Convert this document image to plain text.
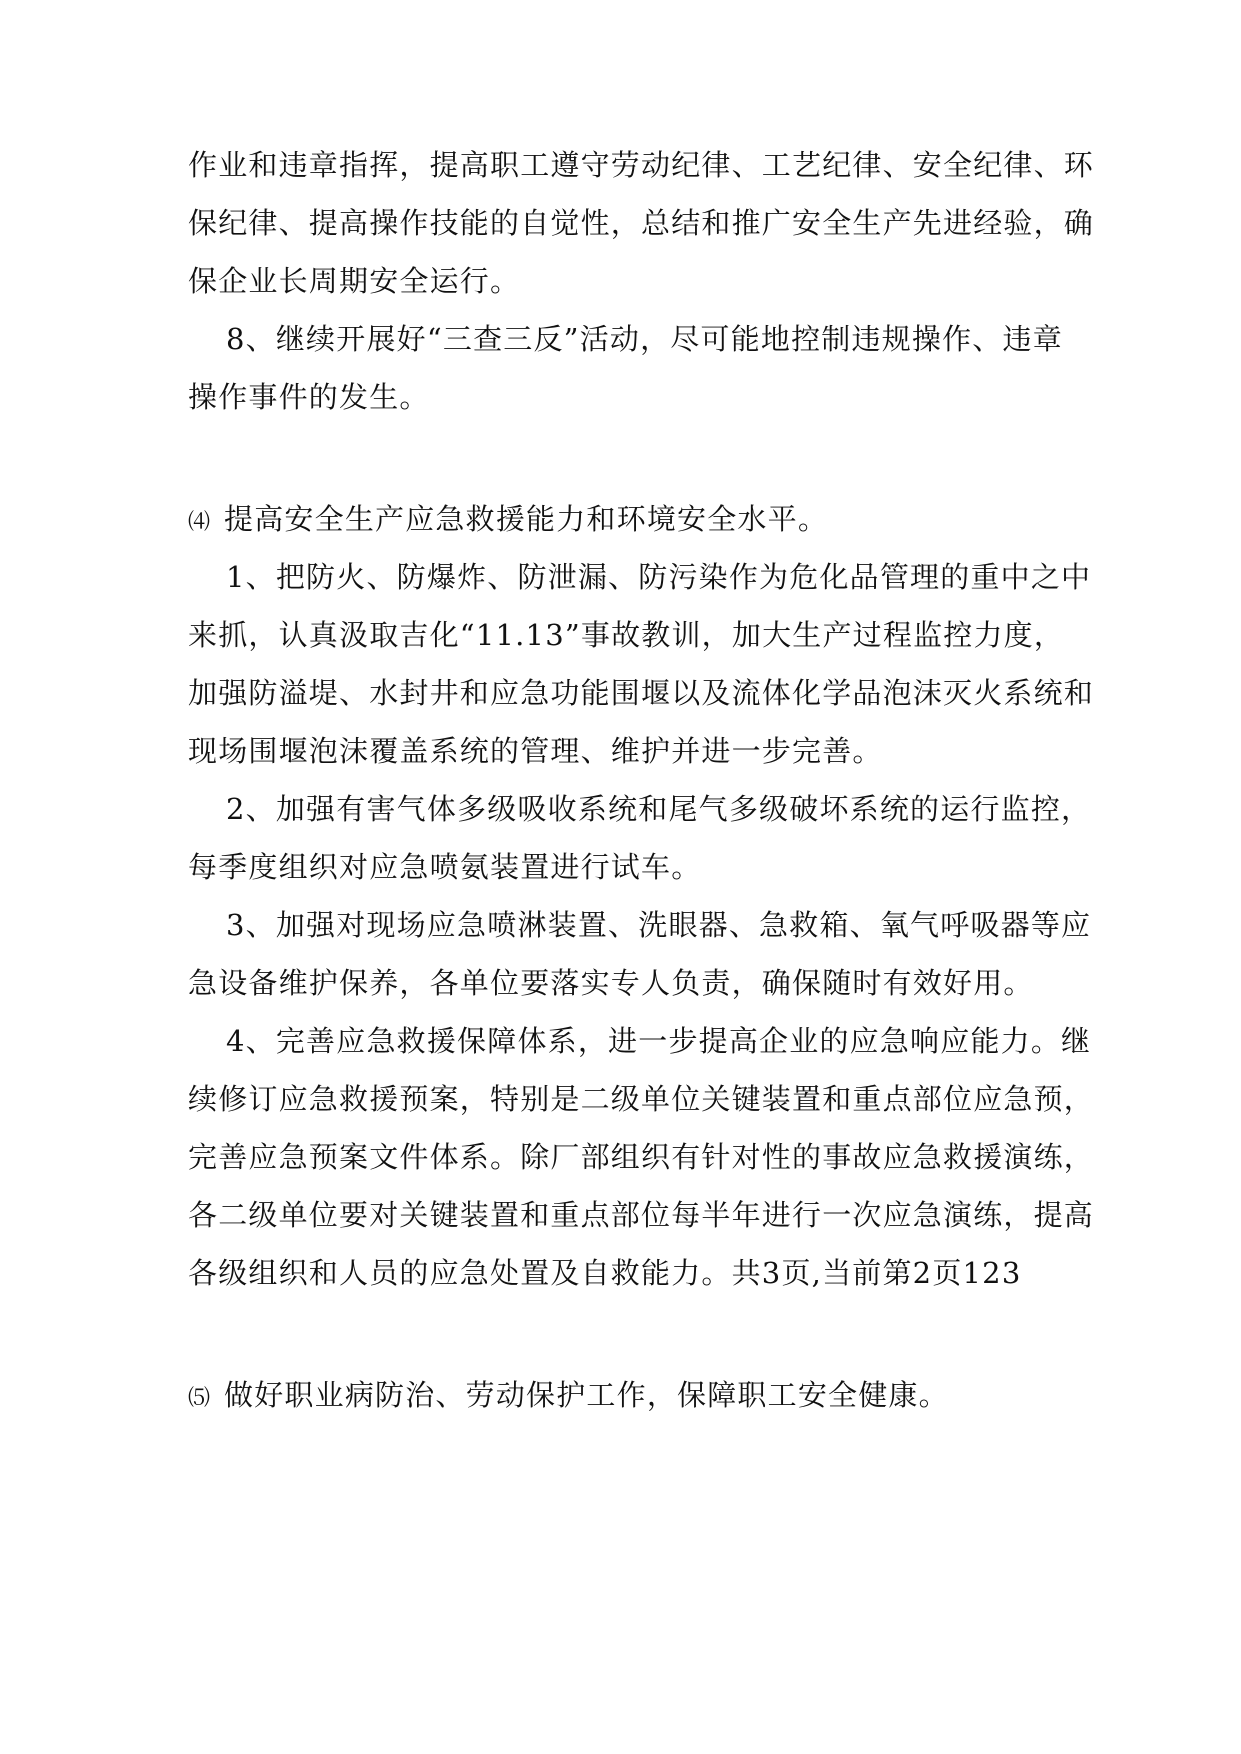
作业和违章指挥，提高职工遵守劳动纪律、工艺纪律、安全纪律、环
保纪律、提高操作技能的自觉性，总结和推广安全生产先进经验，确
保企业长周期安全运行。
8、继续开展好“三查三反”活动，尽可能地控制违规操作、违章
操作事件的发生。
⑷ 提高安全生产应急救援能力和环境安全水平。
1、把防火、防爆炸、防泄漏、防污染作为危化品管理的重中之中
来抓，认真汲取吉化“11.13”事故教训，加大生产过程监控力度，
加强防溢堤、水封井和应急功能围堰以及流体化学品泡沫灭火系统和
现场围堰泡沫覆盖系统的管理、维护并进一步完善。
2、加强有害气体多级吸收系统和尾气多级破坏系统的运行监控，
每季度组织对应急喷氨装置进行试车。
3、加强对现场应急喷淋装置、洗眼器、急救箱、氧气呼吸器等应
急设备维护保养，各单位要落实专人负责，确保随时有效好用。
4、完善应急救援保障体系，进一步提高企业的应急响应能力。继
续修订应急救援预案，特别是二级单位关键装置和重点部位应急预，
完善应急预案文件体系。除厂部组织有针对性的事故应急救援演练，
各二级单位要对关键装置和重点部位每半年进行一次应急演练，提高
各级组织和人员的应急处置及自救能力。共3页,当前第2页123
⑸ 做好职业病防治、劳动保护工作，保障职工安全健康。
